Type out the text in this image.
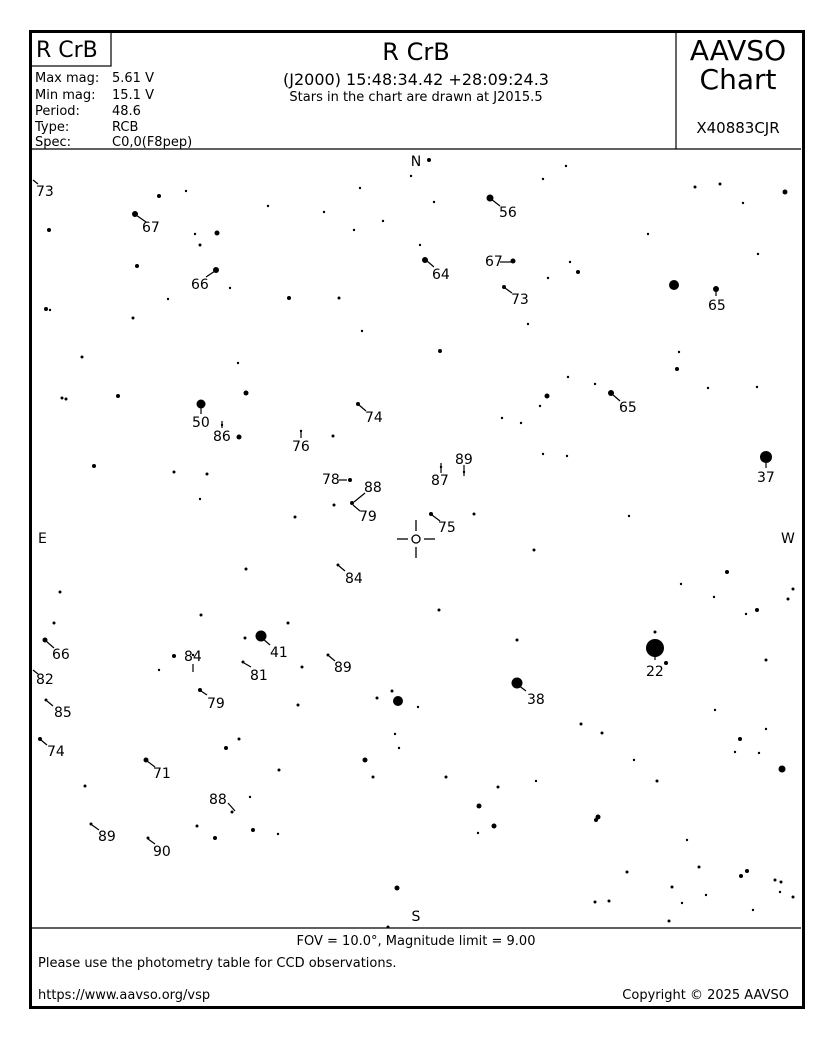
R CrB
Max mag: 5.61 V
Min mag: 15.1 V
Period: 48.6
Type:	RCB
Spec:	C0,0(F8pep)
R CrB
(J2000) 15:48:34.42 +28:09:24.3
Stars in the chart are drawn at J2015.5
AAVSO
Chart
X40883CJR
N
S
E	W
73
67
56
66
64
67
73	65
50
86
74
65
76
37
78 88
89
87
79
75
84
66	41
84
22
82	81	89
38
85
79
74
71
88
89
90
FOV = 10.0°, Magnitude limit = 9.00
Please use the photometry table for CCD observations.
https://www.aavso.org/vsp	Copyright © 2025 AAVSO
